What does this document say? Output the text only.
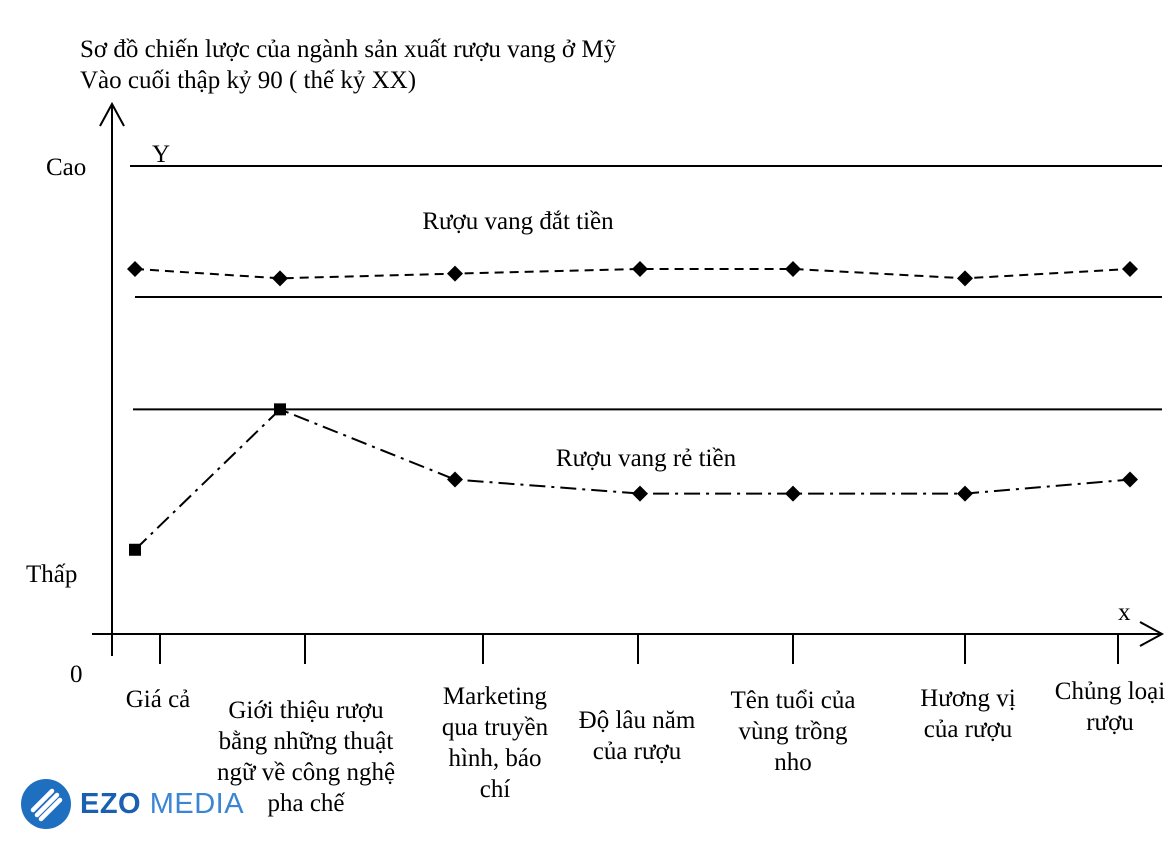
Sơ đồ chiến lược của ngành sản xuất rượu vang ở Mỹ
Vào cuối thập kỷ 90 ( thế kỷ XX)
Y
x
0
Cao
Thấp
Giá cả Giới thiệu rượu
bằng những thuật
ngữ về công nghệ
pha chế
Marketing
qua truyền
hình, báo
chí
Độ lâu năm
của rượu
Tên tuổi của
vùng trồng
nho
Hương vị
của rượu
Chủng loại
rượu
Rượu vang đắt tiền
Rượu vang rẻ tiền
EZO MEDIA
